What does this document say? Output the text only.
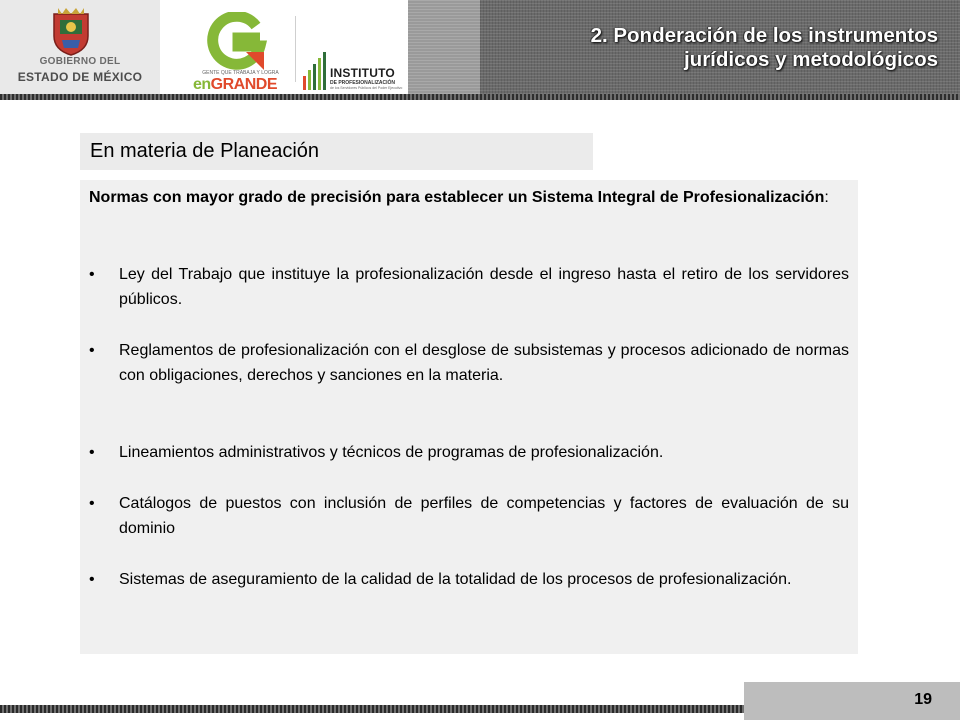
GOBIERNO DEL
ESTADO DE MÉXICO	GENTE QUE TRABAJA Y LOGRA
enGRANDE
INSTITUTO
DE PROFESIONALIZACIÓN
de los Servidores Públicos del Poder Ejecutivo
2. Ponderación de los instrumentos
jurídicos y metodológicos
En materia de Planeación
Normas con mayor grado de precisión para establecer un Sistema Integral de Profesionalización:
• Ley del Trabajo que instituye la profesionalización desde el ingreso hasta el retiro de los servidores públicos.
• Reglamentos de profesionalización con el desglose de subsistemas y procesos adicionado de normas con obligaciones, derechos y sanciones en la materia.
• Lineamientos administrativos y técnicos de programas de profesionalización.
• Catálogos de puestos con inclusión de perfiles de competencias y factores de evaluación de su dominio
• Sistemas de aseguramiento de la calidad de la totalidad de los procesos de profesionalización.
19
